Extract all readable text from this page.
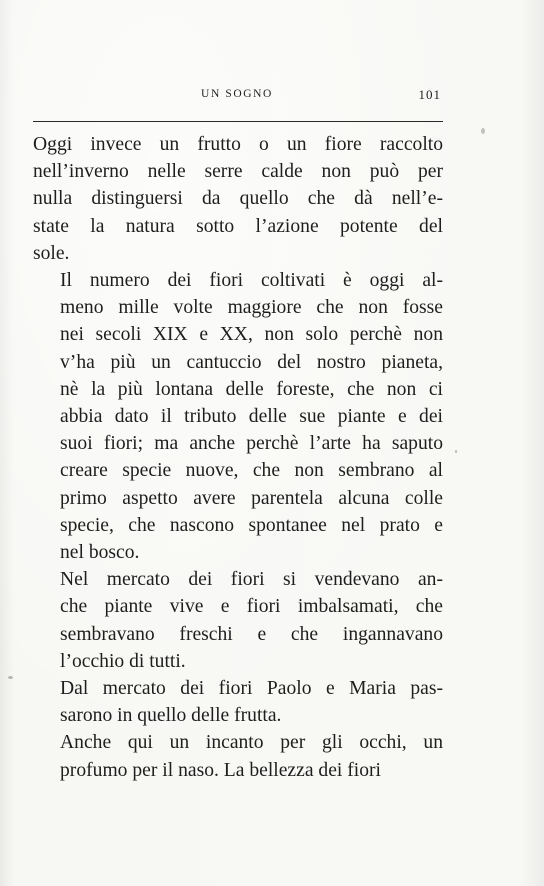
UN SOGNO	101

Oggi invece un frutto o un fiore raccolto
nell’inverno nelle serre calde non può per
nulla distinguersi da quello che dà nell’e-
state la natura sotto l’azione potente del
sole.

Il numero dei fiori coltivati è oggi al-
meno mille volte maggiore che non fosse
nei secoli XIX e XX, non solo perchè non
v’ha più un cantuccio del nostro pianeta,
nè la più lontana delle foreste, che non ci
abbia dato il tributo delle sue piante e dei
suoi fiori; ma anche perchè l’arte ha saputo
creare specie nuove, che non sembrano al
primo aspetto avere parentela alcuna colle
specie, che nascono spontanee nel prato e
nel bosco.

Nel mercato dei fiori si vendevano an-
che piante vive e fiori imbalsamati, che
sembravano freschi e che ingannavano
l’occhio di tutti.

Dal mercato dei fiori Paolo e Maria pas-
sarono in quello delle frutta.

Anche qui un incanto per gli occhi, un
profumo per il naso. La bellezza dei fiori
